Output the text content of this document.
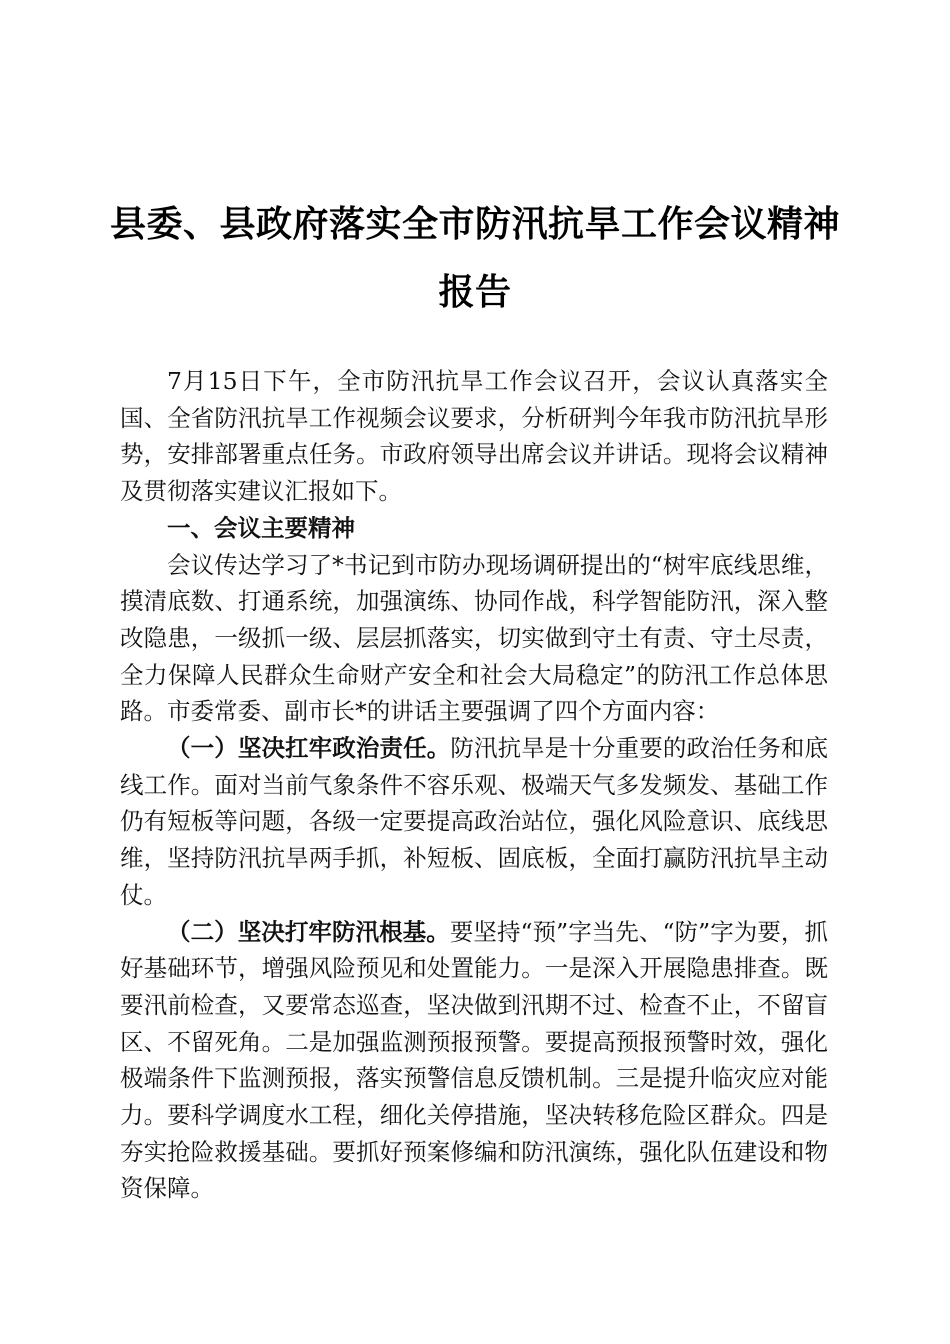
县委、县政府落实全市防汛抗旱工作会议精神
报告

7月15日下午，全市防汛抗旱工作会议召开，会议认真落实全国、全省防汛抗旱工作视频会议要求，分析研判今年我市防汛抗旱形势，安排部署重点任务。市政府领导出席会议并讲话。现将会议精神及贯彻落实建议汇报如下。

一、会议主要精神

会议传达学习了*书记到市防办现场调研提出的“树牢底线思维，摸清底数、打通系统，加强演练、协同作战，科学智能防汛，深入整改隐患，一级抓一级、层层抓落实，切实做到守土有责、守土尽责，全力保障人民群众生命财产安全和社会大局稳定”的防汛工作总体思路。市委常委、副市长*的讲话主要强调了四个方面内容：

（一）坚决扛牢政治责任。防汛抗旱是十分重要的政治任务和底线工作。面对当前气象条件不容乐观、极端天气多发频发、基础工作仍有短板等问题，各级一定要提高政治站位，强化风险意识、底线思维，坚持防汛抗旱两手抓，补短板、固底板，全面打赢防汛抗旱主动仗。

（二）坚决打牢防汛根基。要坚持“预”字当先、“防”字为要，抓好基础环节，增强风险预见和处置能力。一是深入开展隐患排查。既要汛前检查，又要常态巡查，坚决做到汛期不过、检查不止，不留盲区、不留死角。二是加强监测预报预警。要提高预报预警时效，强化极端条件下监测预报，落实预警信息反馈机制。三是提升临灾应对能力。要科学调度水工程，细化关停措施，坚决转移危险区群众。四是夯实抢险救援基础。要抓好预案修编和防汛演练，强化队伍建设和物资保障。
